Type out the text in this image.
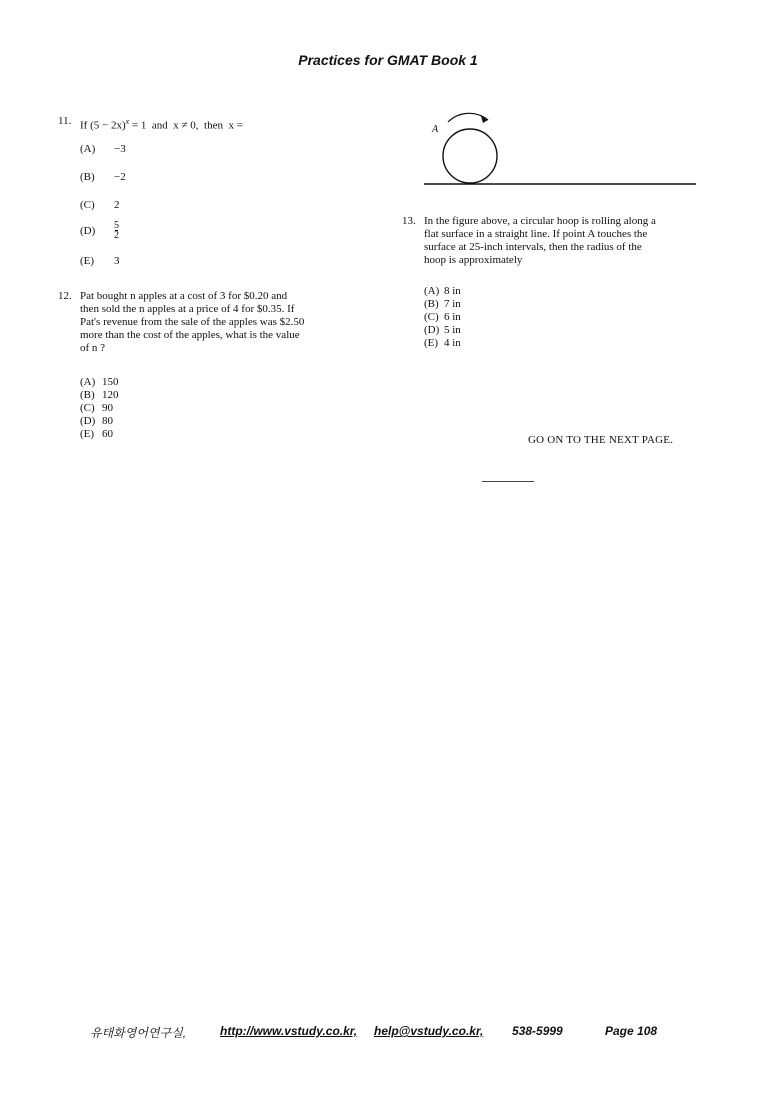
Practices for GMAT Book 1
11. If $(5 - 2x)^x = 1$  and  x ≠ 0,  then  x =
(A) −3
(B) −2
(C) 2
$(D) \frac{5}{2}$
(E) 3
12. Pat bought n apples at a cost of 3 for $0.20 and
then sold the n apples at a price of 4 for $0.35. If
Pat's revenue from the sale of the apples was $2.50
more than the cost of the apples, what is the value
of n ?
(A) 150
(B) 120
(C) 90
(D) 80
(E) 60
A
13. In the figure above, a circular hoop is rolling along a
flat surface in a straight line. If point A touches the
surface at 25-inch intervals, then the radius of the
hoop is approximately
(A) 8 in
(B) 7 in
(C) 6 in
(D) 5 in
(E) 4 in
GO ON TO THE NEXT PAGE.
유태화영어연구실,	http://www.vstudy.co.kr, help@vstudy.co.kr, 538-5999	Page 108
